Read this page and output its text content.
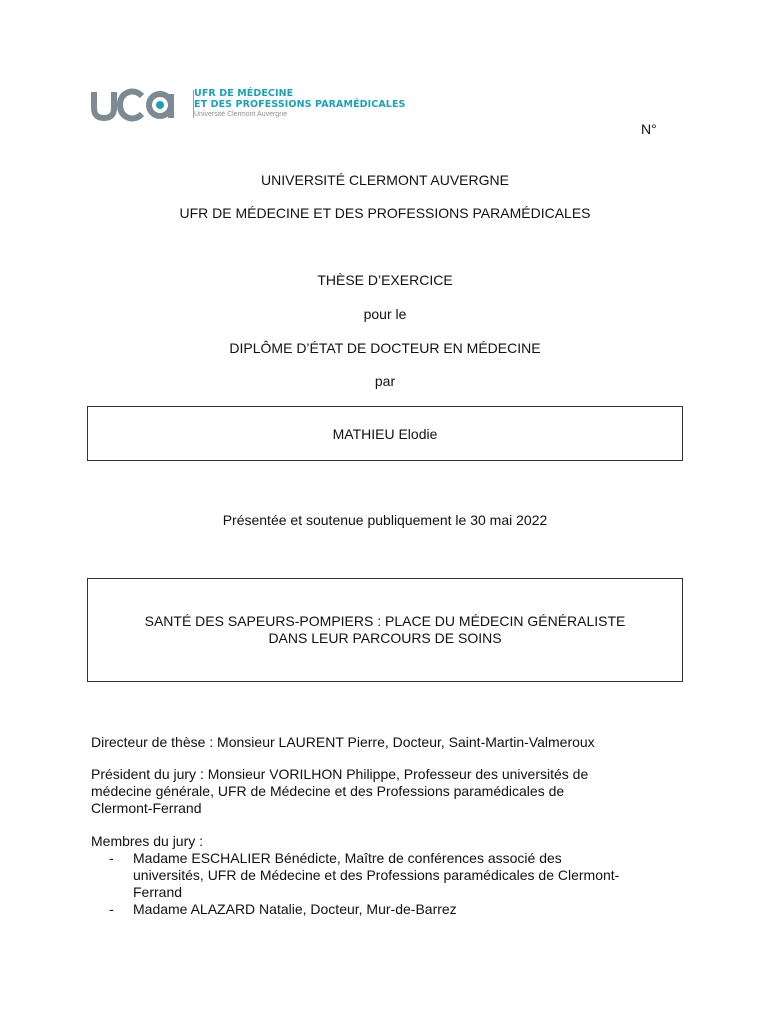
UFR DE MÉDECINE
ET DES PROFESSIONS PARAMÉDICALES
Université Clermont Auvergne
N°
UNIVERSITÉ CLERMONT AUVERGNE
UFR DE MÉDECINE ET DES PROFESSIONS PARAMÉDICALES
THÈSE D’EXERCICE
pour le
DIPLÔME D’ÉTAT DE DOCTEUR EN MÉDECINE
par
MATHIEU Elodie
Présentée et soutenue publiquement le 30 mai 2022
SANTÉ DES SAPEURS-POMPIERS : PLACE DU MÉDECIN GÉNÉRALISTE
DANS LEUR PARCOURS DE SOINS
Directeur de thèse : Monsieur LAURENT Pierre, Docteur, Saint-Martin-Valmeroux
Président du jury : Monsieur VORILHON Philippe, Professeur des universités de
médecine générale, UFR de Médecine et des Professions paramédicales de
Clermont-Ferrand
Membres du jury :
- Madame ESCHALIER Bénédicte, Maître de conférences associé des
universités, UFR de Médecine et des Professions paramédicales de Clermont-
Ferrand
- Madame ALAZARD Natalie, Docteur, Mur-de-Barrez
